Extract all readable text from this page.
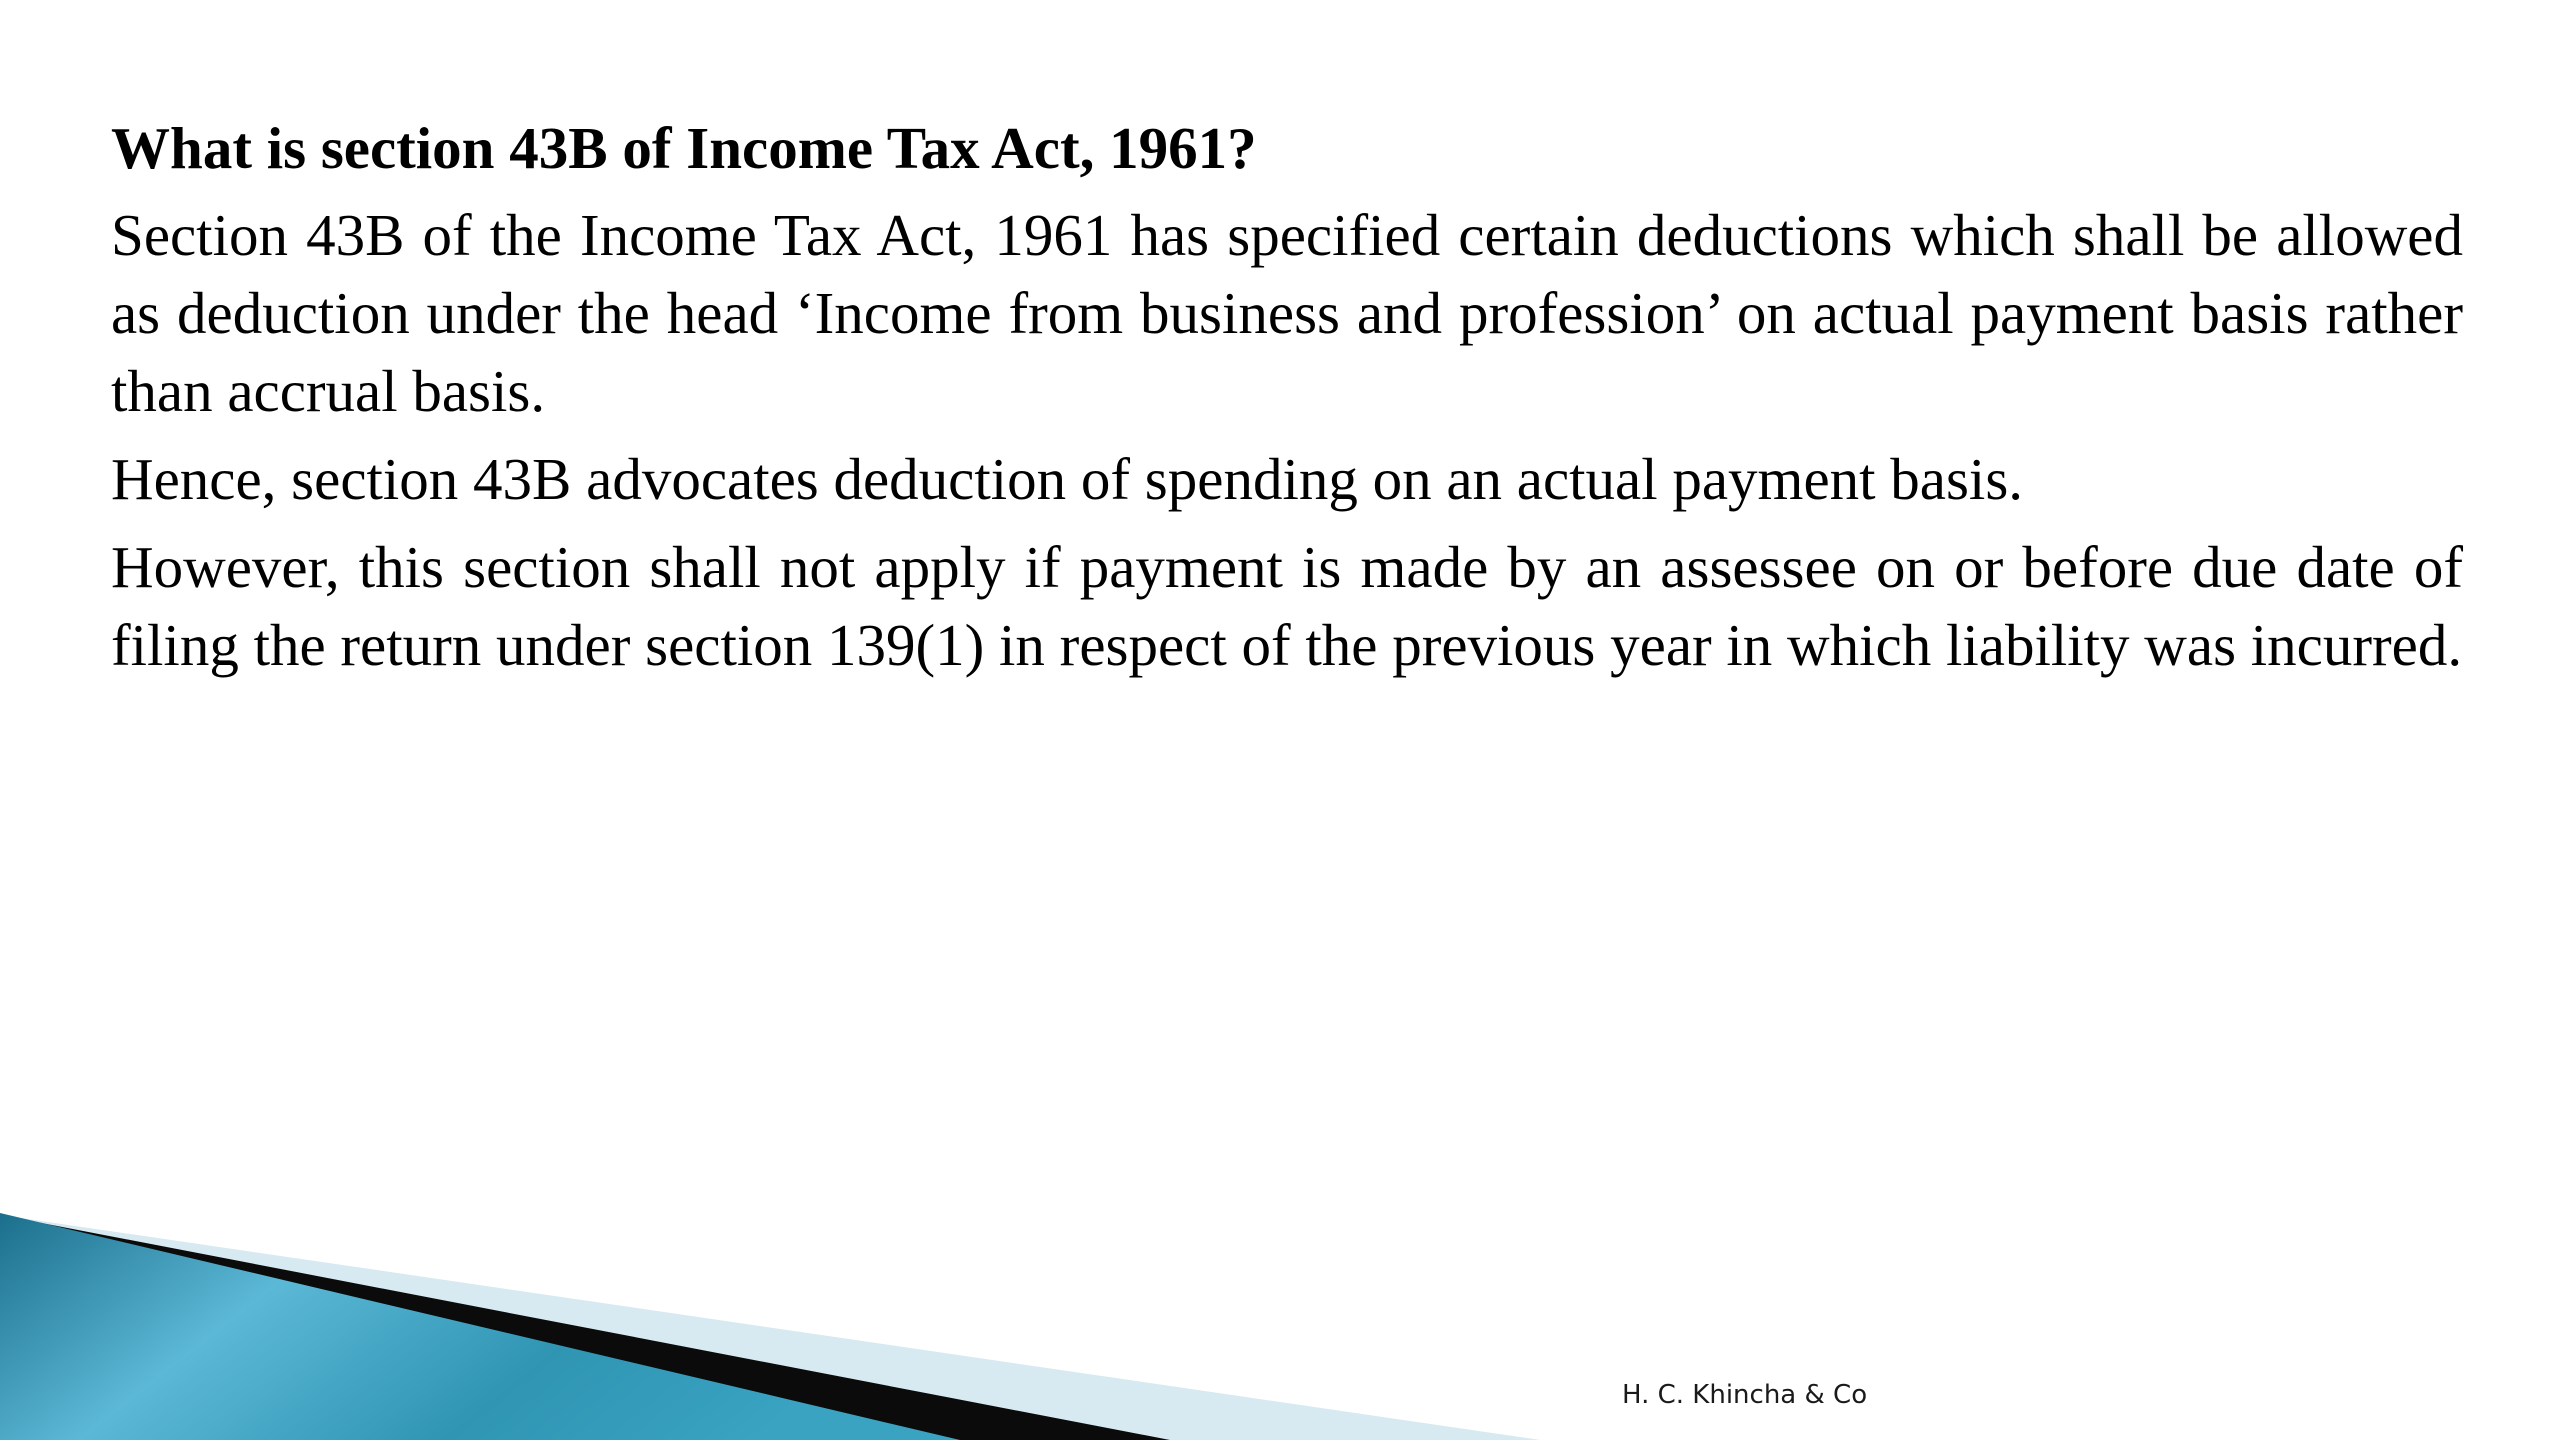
What is section 43B of Income Tax Act, 1961?

Section 43B of the Income Tax Act, 1961 has specified certain deductions which shall be allowed as deduction under the head ‘Income from business and profession’ on actual payment basis rather than accrual basis.

Hence, section 43B advocates deduction of spending on an actual payment basis.

However, this section shall not apply if payment is made by an assessee on or before due date of filing the return under section 139(1) in respect of the previous year in which liability was incurred.

H. C. Khincha & Co
